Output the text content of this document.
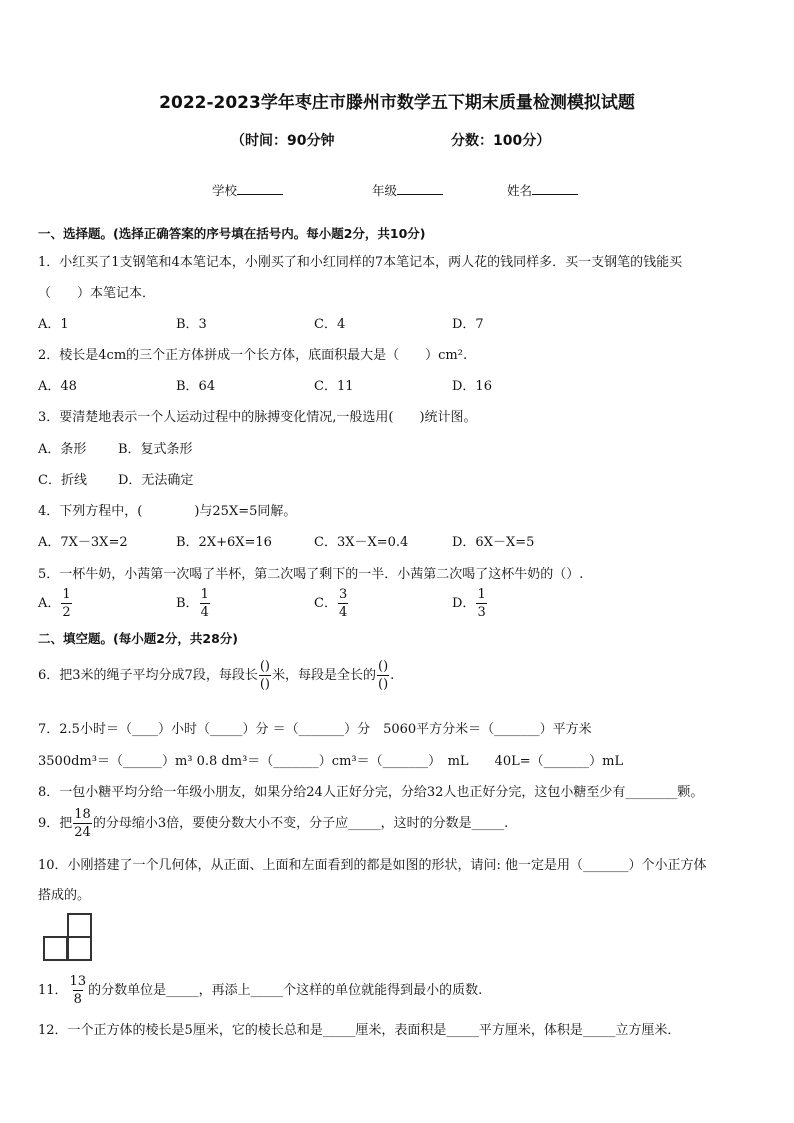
2022-2023学年枣庄市滕州市数学五下期末质量检测模拟试题
（时间：90分钟	分数：100分）
学校	年级	姓名
一、选择题。(选择正确答案的序号填在括号内。每小题2分，共10分)
1．小红买了1支钢笔和4本笔记本，小刚买了和小红同样的7本笔记本，两人花的钱同样多．买一支钢笔的钱能买
（　　）本笔记本．
A．1	B．3	C．4	D．7
2．棱长是4cm的三个正方体拼成一个长方体，底面积最大是（　　）cm².
A．48	B．64	C．11	D．16
3．要清楚地表示一个人运动过程中的脉搏变化情况,一般选用(　　)统计图。
A．条形 B．复式条形
C．折线 D．无法确定
4．下列方程中，(　　　　)与25X=5同解。
A．7X－3X=2	B．2X+6X=16	C．3X－X=0.4	D．6X－X=5
5．一杯牛奶，小茜第一次喝了半杯，第二次喝了剩下的一半．小茜第二次喝了这杯牛奶的（）.
A． $\frac{1}{2}$	B． $\frac{1}{4}$	C． $\frac{3}{4}$	D． $\frac{1}{3}$
二、填空题。(每小题2分，共28分)
6．把3米的绳子平均分成7段，每段长 $\frac{()}{()}$ 米，每段是全长的 $\frac{()}{()}$ .
7．2.5小时＝（____）小时（_____）分 ＝（_______）分　5060平方分米＝（_______）平方米
3500dm³＝（______）m³ 0.8 dm³＝（_______）cm³＝（_______）　mL　　40L=（_______）mL
8．一包小糖平均分给一年级小朋友，如果分给24人正好分完，分给32人也正好分完，这包小糖至少有________颗。
9．把 $\frac{18}{24}$ 的分母缩小3倍，要使分数大小不变，分子应_____，这时的分数是_____.
10．小刚搭建了一个几何体，从正面、上面和左面看到的都是如图的形状，请问: 他一定是用（_______）个小正方体
搭成的。
11． $\frac{13}{8}$ 的分数单位是_____，再添上_____个这样的单位就能得到最小的质数.
12．一个正方体的棱长是5厘米，它的棱长总和是_____厘米，表面积是_____平方厘米，体积是_____立方厘米．
